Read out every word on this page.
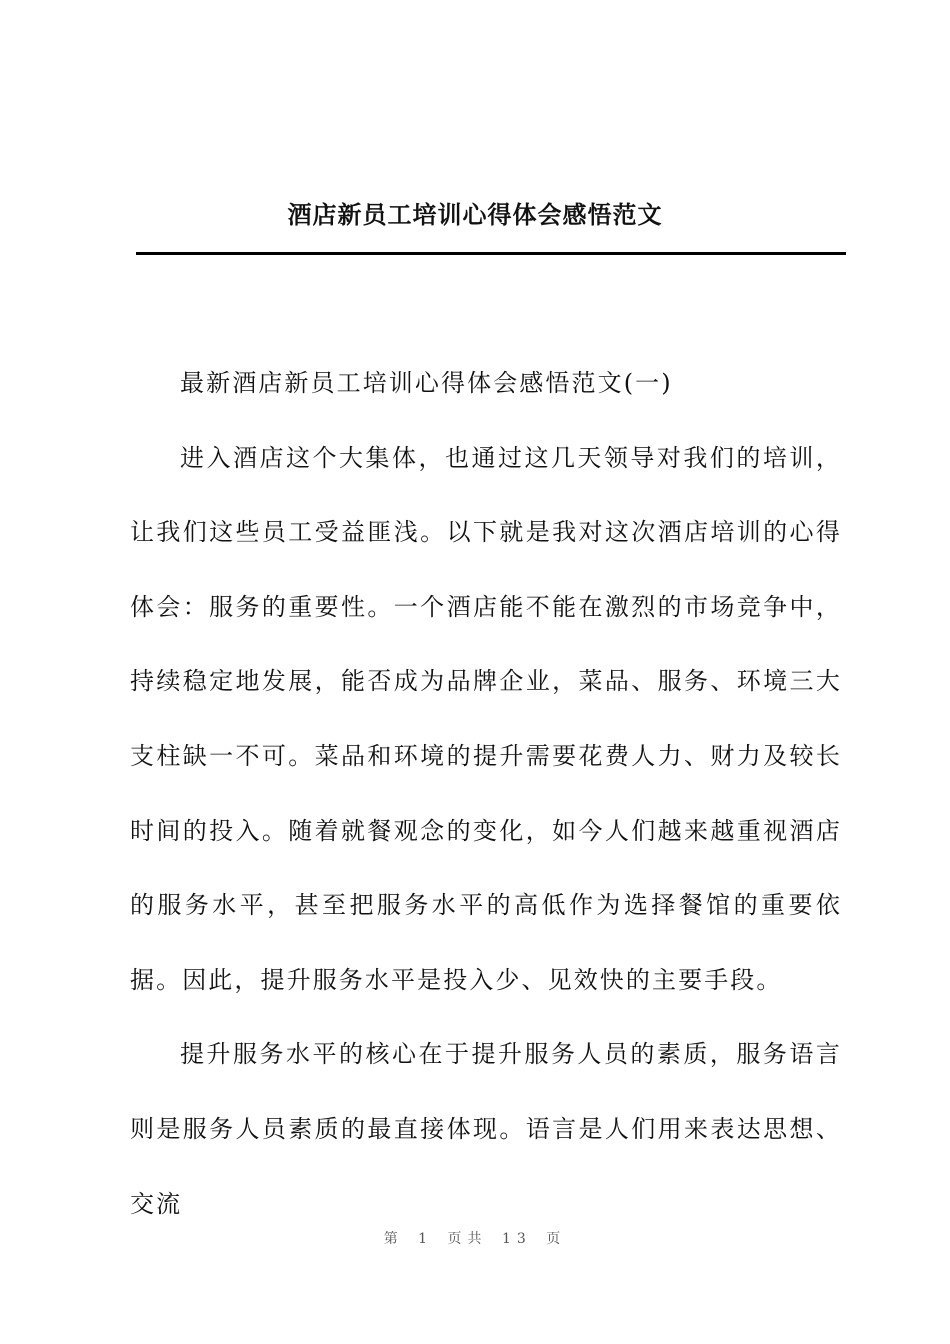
酒店新员工培训心得体会感悟范文

最新酒店新员工培训心得体会感悟范文(一)

进入酒店这个大集体，也通过这几天领导对我们的培训，让我们这些员工受益匪浅。以下就是我对这次酒店培训的心得体会：服务的重要性。一个酒店能不能在激烈的市场竞争中，持续稳定地发展，能否成为品牌企业，菜品、服务、环境三大支柱缺一不可。菜品和环境的提升需要花费人力、财力及较长时间的投入。随着就餐观念的变化，如今人们越来越重视酒店的服务水平，甚至把服务水平的高低作为选择餐馆的重要依据。因此，提升服务水平是投入少、见效快的主要手段。

提升服务水平的核心在于提升服务人员的素质，服务语言则是服务人员素质的最直接体现。语言是人们用来表达思想、交流

第 1 页共 13 页
